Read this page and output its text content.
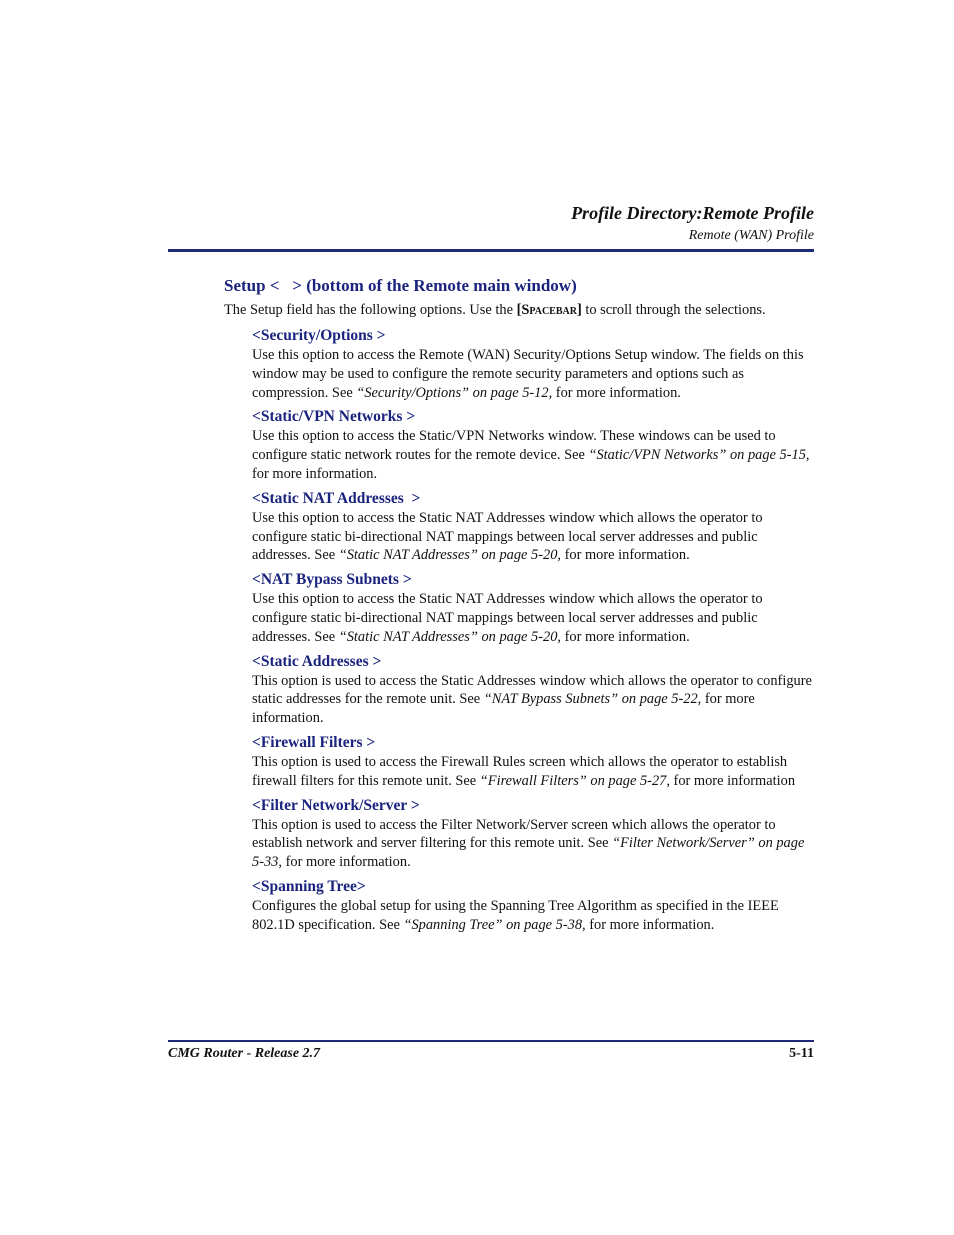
Profile Directory:Remote Profile
Remote (WAN) Profile
Setup <   > (bottom of the Remote main window)

The Setup field has the following options. Use the [Spacebar] to scroll through the selections.

<Security/Options >
Use this option to access the Remote (WAN) Security/Options Setup window. The fields on this window may be used to configure the remote security parameters and options such as compression. See “Security/Options” on page 5-12, for more information.
<Static/VPN Networks >
Use this option to access the Static/VPN Networks window. These windows can be used to configure static network routes for the remote device. See “Static/VPN Networks” on page 5-15, for more information.
<Static NAT Addresses  >
Use this option to access the Static NAT Addresses window which allows the operator to configure static bi-directional NAT mappings between local server addresses and public addresses. See “Static NAT Addresses” on page 5-20, for more information.
<NAT Bypass Subnets >
Use this option to access the Static NAT Addresses window which allows the operator to configure static bi-directional NAT mappings between local server addresses and public addresses. See “Static NAT Addresses” on page 5-20, for more information.
<Static Addresses >
This option is used to access the Static Addresses window which allows the operator to configure static addresses for the remote unit. See “NAT Bypass Subnets” on page 5-22, for more information.
<Firewall Filters >
This option is used to access the Firewall Rules screen which allows the operator to establish firewall filters for this remote unit. See “Firewall Filters” on page 5-27, for more information
<Filter Network/Server >
This option is used to access the Filter Network/Server screen which allows the operator to establish network and server filtering for this remote unit. See “Filter Network/Server” on page 5-33, for more information.
<Spanning Tree>
Configures the global setup for using the Spanning Tree Algorithm as specified in the IEEE 802.1D specification. See “Spanning Tree” on page 5-38, for more information.
CMG Router - Release 2.7	5-11
